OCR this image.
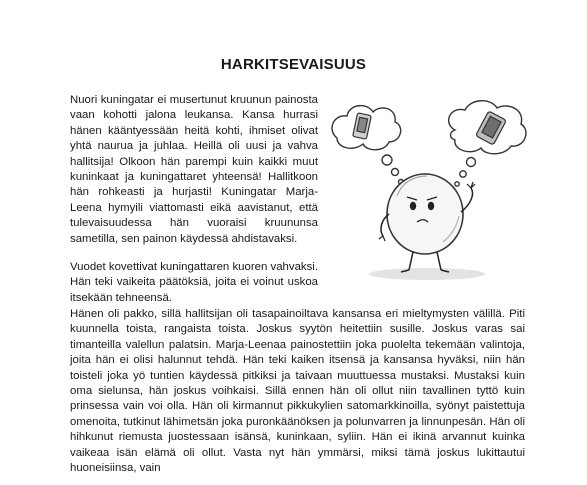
HARKITSEVAISUUS

Nuori kuningatar ei musertunut kruunun painosta vaan kohotti jalona leukansa. Kansa hurrasi hänen kääntyessään heitä kohti, ihmiset olivat yhtä naurua ja juhlaa. Heillä oli uusi ja vahva hallitsija! Olkoon hän parempi kuin kaikki muut kuninkaat ja kuningattaret yhteensä! Hallitkoon hän rohkeasti ja hurjasti! Kuningatar Marja-Leena hymyili viattomasti eikä aavistanut, että tulevaisuudessa hän vuoraisi kruununsa sametilla, sen painon käydessä ahdistavaksi.

Vuodet kovettivat kuningattaren kuoren vahvaksi. Hän teki vaikeita päätöksiä, joita ei voinut uskoa itsekään tehneensä.

Hänen oli pakko, sillä hallitsijan oli tasapainoiltava kansansa eri mieltymysten välillä. Piti kuunnella toista, rangaista toista. Joskus syytön heitettiin susille. Joskus varas sai timanteilla valellun palatsin. Marja-Leenaa painostettiin joka puolelta tekemään valintoja, joita hän ei olisi halunnut tehdä. Hän teki kaiken itsensä ja kansansa hyväksi, niin hän toisteli joka yö tuntien käydessä pitkiksi ja taivaan muuttuessa mustaksi. Mustaksi kuin oma sielunsa, hän joskus voihkaisi. Sillä ennen hän oli ollut niin tavallinen tyttö kuin prinsessa vain voi olla. Hän oli kirmannut pikkukylien satomarkkinoilla, syönyt paistettuja omenoita, tutkinut lähimetsän joka puronkäänöksen ja polunvarren ja linnunpesän. Hän oli hihkunut riemusta juostessaan isänsä, kuninkaan, syliin. Hän ei ikinä arvannut kuinka vaikeaa isän elämä oli ollut. Vasta nyt hän ymmärsi, miksi tämä joskus lukittautui huoneisiinsa, vain
